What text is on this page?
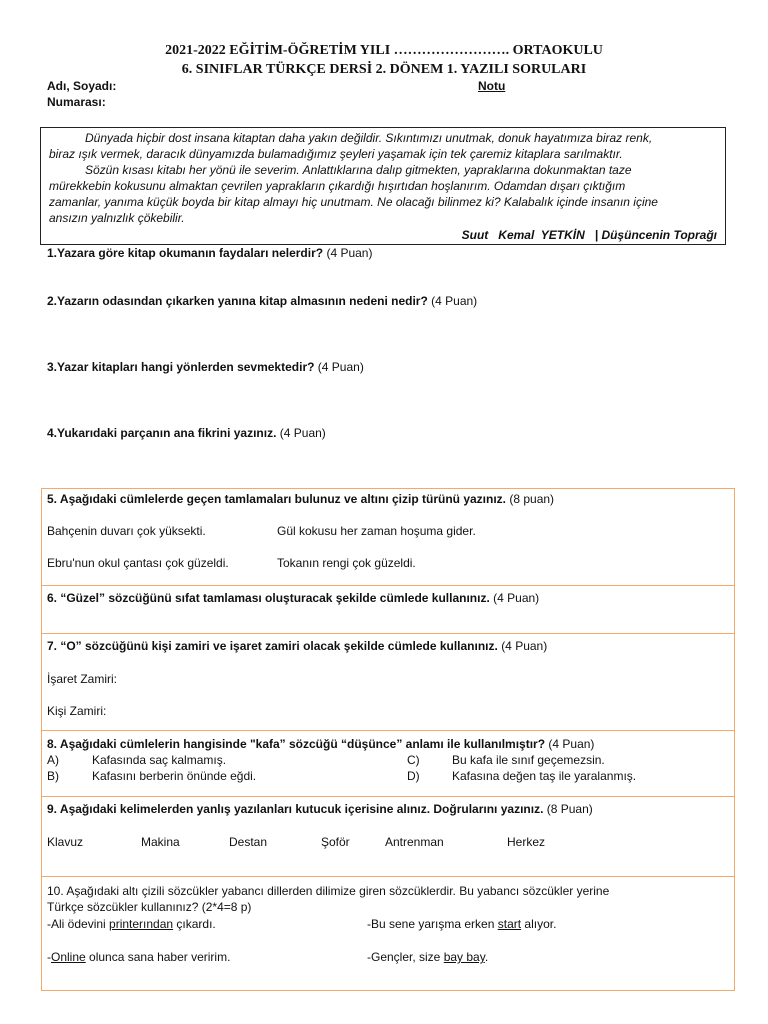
2021-2022 EĞİTİM-ÖĞRETİM YILI ……………………. ORTAOKULU
6. SINIFLAR TÜRKÇE DERSİ 2. DÖNEM 1. YAZILI SORULARI
Adı, Soyadı:
Numarası:
Notu
Dünyada hiçbir dost insana kitaptan daha yakın değildir. Sıkıntımızı unutmak, donuk hayatımıza biraz renk,
biraz ışık vermek, daracık dünyamızda bulamadığımız şeyleri yaşamak için tek çaremiz kitaplara sarılmaktır.
Sözün kısası kitabı her yönü ile severim. Anlattıklarına dalıp gitmekten, yapraklarına dokunmaktan taze
mürekkebin kokusunu almaktan çevrilen yaprakların çıkardığı hışırtıdan hoşlanırım. Odamdan dışarı çıktığım
zamanlar, yanıma küçük boyda bir kitap almayı hiç unutmam. Ne olacağı bilinmez ki? Kalabalık içinde insanın içine
ansızın yalnızlık çökebilir.
Suut   Kemal  YETKİN   | Düşüncenin Toprağı
1.Yazara göre kitap okumanın faydaları nelerdir? (4 Puan)
2.Yazarın odasından çıkarken yanına kitap almasının nedeni nedir? (4 Puan)
3.Yazar kitapları hangi yönlerden sevmektedir? (4 Puan)
4.Yukarıdaki parçanın ana fikrini yazınız. (4 Puan)
5. Aşağıdaki cümlelerde geçen tamlamaları bulunuz ve altını çizip türünü yazınız. (8 puan)
Bahçenin duvarı çok yüksekti.	Gül kokusu her zaman hoşuma gider.
Ebru'nun okul çantası çok güzeldi.	Tokanın rengi çok güzeldi.
6. “Güzel” sözcüğünü sıfat tamlaması oluşturacak şekilde cümlede kullanınız. (4 Puan)
7. “O” sözcüğünü kişi zamiri ve işaret zamiri olacak şekilde cümlede kullanınız. (4 Puan)
İşaret Zamiri:
Kişi Zamiri:
8. Aşağıdaki cümlelerin hangisinde "kafa” sözcüğü “düşünce” anlamı ile kullanılmıştır? (4 Puan)
A)	Kafasında saç kalmamış.
B)	Kafasını berberin önünde eğdi.
C)	Bu kafa ile sınıf geçemezsin.
D)	Kafasına değen taş ile yaralanmış.
9. Aşağıdaki kelimelerden yanlış yazılanları kutucuk içerisine alınız. Doğrularını yazınız. (8 Puan)
Klavuz	Makina	Destan	Şoför	Antrenman	Herkez
10. Aşağıdaki altı çizili sözcükler yabancı dillerden dilimize giren sözcüklerdir. Bu yabancı sözcükler yerine
Türkçe sözcükler kullanınız? (2*4=8 p)
-Ali ödevini printerından çıkardı.	-Bu sene yarışma erken start alıyor.
-Online olunca sana haber veririm.	-Gençler, size bay bay.
